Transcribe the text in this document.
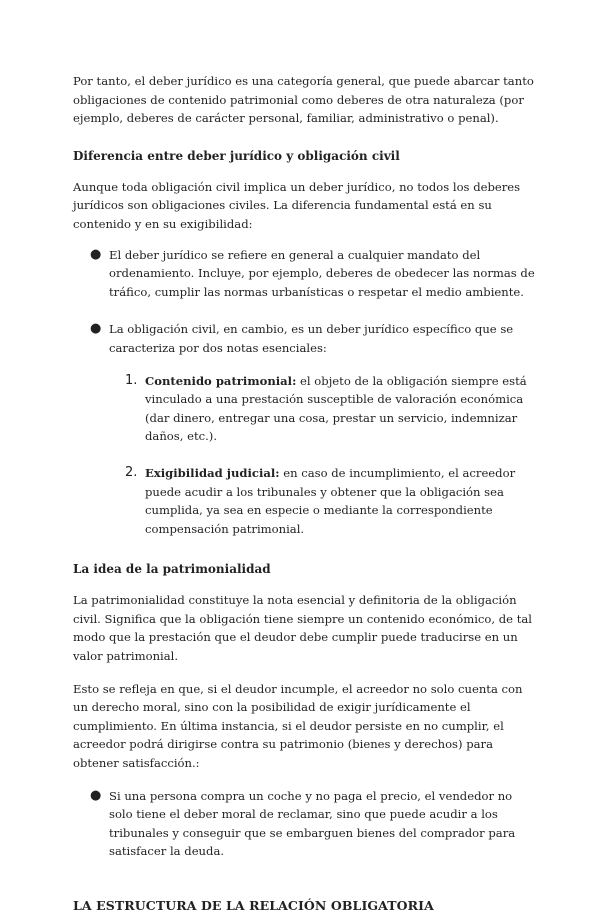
Por tanto, el deber jurídico es una categoría general, que puede abarcar tanto obligaciones de contenido patrimonial como deberes de otra naturaleza (por ejemplo, deberes de carácter personal, familiar, administrativo o penal).

Diferencia entre deber jurídico y obligación civil

Aunque toda obligación civil implica un deber jurídico, no todos los deberes jurídicos son obligaciones civiles. La diferencia fundamental está en su contenido y en su exigibilidad:

● El deber jurídico se refiere en general a cualquier mandato del ordenamiento. Incluye, por ejemplo, deberes de obedecer las normas de tráfico, cumplir las normas urbanísticas o respetar el medio ambiente.
● La obligación civil, en cambio, es un deber jurídico específico que se caracteriza por dos notas esenciales:
1. Contenido patrimonial: el objeto de la obligación siempre está vinculado a una prestación susceptible de valoración económica (dar dinero, entregar una cosa, prestar un servicio, indemnizar daños, etc.).
2. Exigibilidad judicial: en caso de incumplimiento, el acreedor puede acudir a los tribunales y obtener que la obligación sea cumplida, ya sea en especie o mediante la correspondiente compensación patrimonial.
La idea de la patrimonialidad

La patrimonialidad constituye la nota esencial y definitoria de la obligación civil. Significa que la obligación tiene siempre un contenido económico, de tal modo que la prestación que el deudor debe cumplir puede traducirse en un valor patrimonial.

Esto se refleja en que, si el deudor incumple, el acreedor no solo cuenta con un derecho moral, sino con la posibilidad de exigir jurídicamente el cumplimiento. En última instancia, si el deudor persiste en no cumplir, el acreedor podrá dirigirse contra su patrimonio (bienes y derechos) para obtener satisfacción.:

● Si una persona compra un coche y no paga el precio, el vendedor no solo tiene el deber moral de reclamar, sino que puede acudir a los tribunales y conseguir que se embarguen bienes del comprador para satisfacer la deuda.
LA ESTRUCTURA DE LA RELACIÓN OBLIGATORIA
